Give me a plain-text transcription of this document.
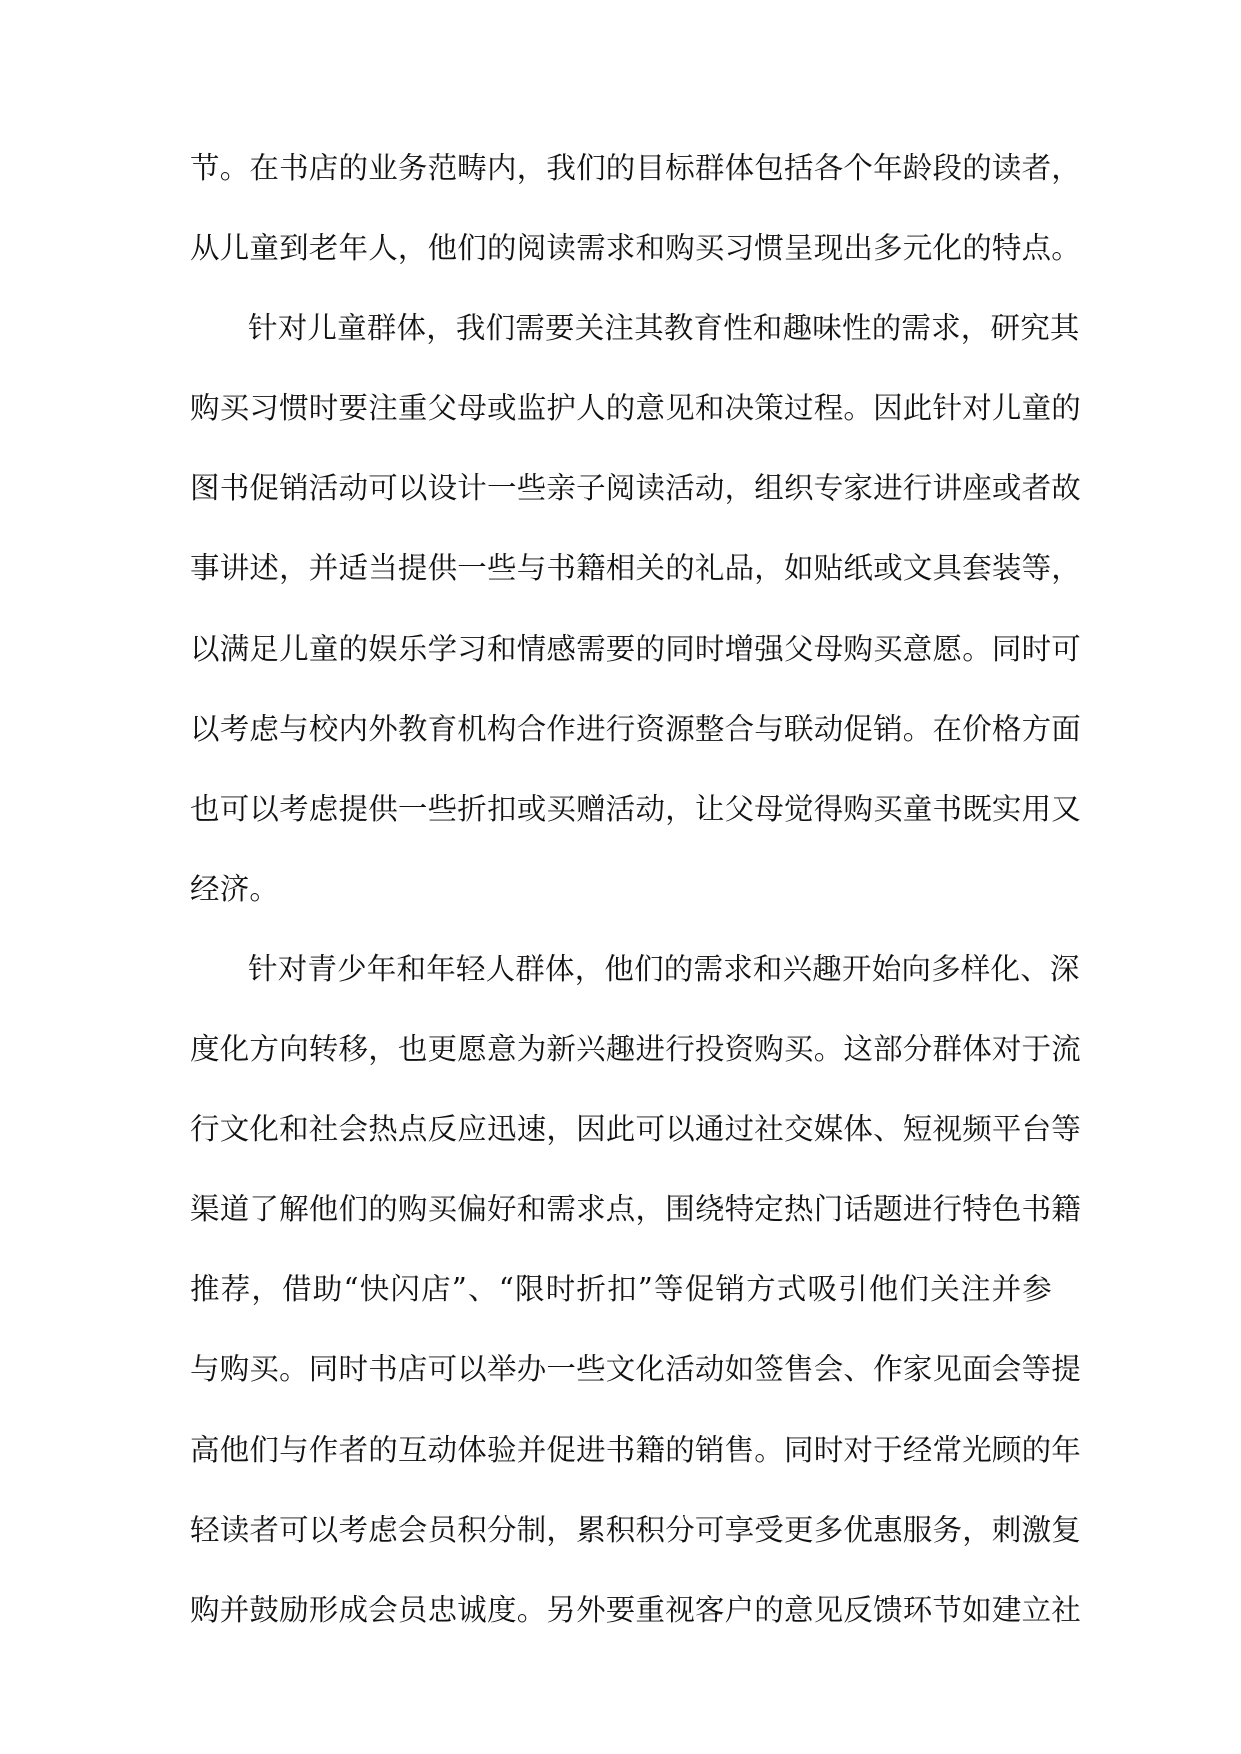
节。在书店的业务范畴内，我们的目标群体包括各个年龄段的读者，
从儿童到老年人，他们的阅读需求和购买习惯呈现出多元化的特点。
针对儿童群体，我们需要关注其教育性和趣味性的需求，研究其
购买习惯时要注重父母或监护人的意见和决策过程。因此针对儿童的
图书促销活动可以设计一些亲子阅读活动，组织专家进行讲座或者故
事讲述，并适当提供一些与书籍相关的礼品，如贴纸或文具套装等，
以满足儿童的娱乐学习和情感需要的同时增强父母购买意愿。同时可
以考虑与校内外教育机构合作进行资源整合与联动促销。在价格方面
也可以考虑提供一些折扣或买赠活动，让父母觉得购买童书既实用又
经济。
针对青少年和年轻人群体，他们的需求和兴趣开始向多样化、深
度化方向转移，也更愿意为新兴趣进行投资购买。这部分群体对于流
行文化和社会热点反应迅速，因此可以通过社交媒体、短视频平台等
渠道了解他们的购买偏好和需求点，围绕特定热门话题进行特色书籍
推荐，借助“快闪店”、“限时折扣”等促销方式吸引他们关注并参
与购买。同时书店可以举办一些文化活动如签售会、作家见面会等提
高他们与作者的互动体验并促进书籍的销售。同时对于经常光顾的年
轻读者可以考虑会员积分制，累积积分可享受更多优惠服务，刺激复
购并鼓励形成会员忠诚度。另外要重视客户的意见反馈环节如建立社
